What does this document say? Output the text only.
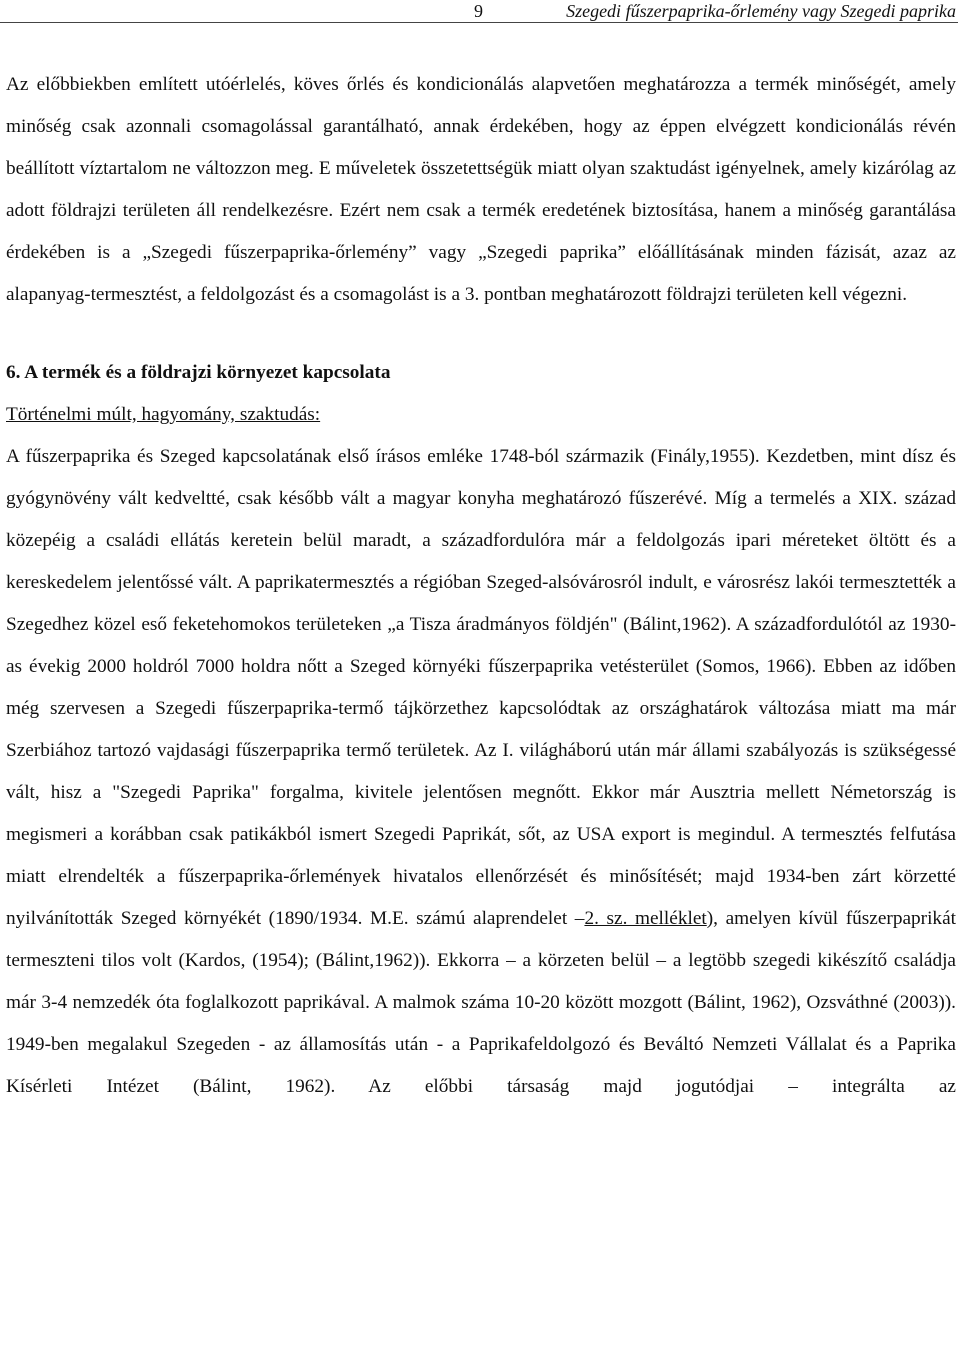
9	Szegedi fűszerpaprika-őrlemény vagy Szegedi paprika

Az előbbiekben említett utóérlelés, köves őrlés és kondicionálás alapvetően meghatározza a termék minőségét, amely minőség csak azonnali csomagolással garantálható, annak érdekében, hogy az éppen elvégzett kondicionálás révén beállított víztartalom ne változzon meg. E műveletek összetettségük miatt olyan szaktudást igényelnek, amely kizárólag az adott földrajzi területen áll rendelkezésre. Ezért nem csak a termék eredetének biztosítása, hanem a minőség garantálása érdekében is a „Szegedi fűszerpaprika-őrlemény” vagy „Szegedi paprika” előállításának minden fázisát, azaz az alapanyag-termesztést, a feldolgozást és a csomagolást is a 3. pontban meghatározott földrajzi területen kell végezni.

6. A termék és a földrajzi környezet kapcsolata
Történelmi múlt, hagyomány, szaktudás:

A fűszerpaprika és Szeged kapcsolatának első írásos emléke 1748-ból származik (Finály,1955). Kezdetben, mint dísz és gyógynövény vált kedveltté, csak később vált a magyar konyha meghatározó fűszerévé. Míg a termelés a XIX. század közepéig a családi ellátás keretein belül maradt, a századfordulóra már a feldolgozás ipari méreteket öltött és a kereskedelem jelentőssé vált. A paprikatermesztés a régióban Szeged-alsóvárosról indult, e városrész lakói termesztették a Szegedhez közel eső feketehomokos területeken „a Tisza áradmányos földjén" (Bálint,1962). A századfordulótól az 1930-as évekig 2000 holdról 7000 holdra nőtt a Szeged környéki fűszerpaprika vetésterület (Somos, 1966). Ebben az időben még szervesen a Szegedi fűszerpaprika-termő tájkörzethez kapcsolódtak az országhatárok változása miatt ma már Szerbiához tartozó vajdasági fűszerpaprika termő területek. Az I. világháború után már állami szabályozás is szükségessé vált, hisz a "Szegedi Paprika" forgalma, kivitele jelentősen megnőtt. Ekkor már Ausztria mellett Németország is megismeri a korábban csak patikákból ismert Szegedi Paprikát, sőt, az USA export is megindul. A termesztés felfutása miatt elrendelték a fűszerpaprika-őrlemények hivatalos ellenőrzését és minősítését; majd 1934-ben zárt körzetté nyilvánították Szeged környékét (1890/1934. M.E. számú alaprendelet –2. sz. melléklet), amelyen kívül fűszerpaprikát termeszteni tilos volt (Kardos, (1954); (Bálint,1962)). Ekkorra – a körzeten belül – a legtöbb szegedi kikészítő családja már 3-4 nemzedék óta foglalkozott paprikával. A malmok száma 10-20 között mozgott (Bálint, 1962), Ozsváthné (2003)). 1949-ben megalakul Szegeden - az államosítás után - a Paprikafeldolgozó és Beváltó Nemzeti Vállalat és a Paprika Kísérleti Intézet (Bálint, 1962). Az előbbi társaság majd jogutódjai – integrálta az
